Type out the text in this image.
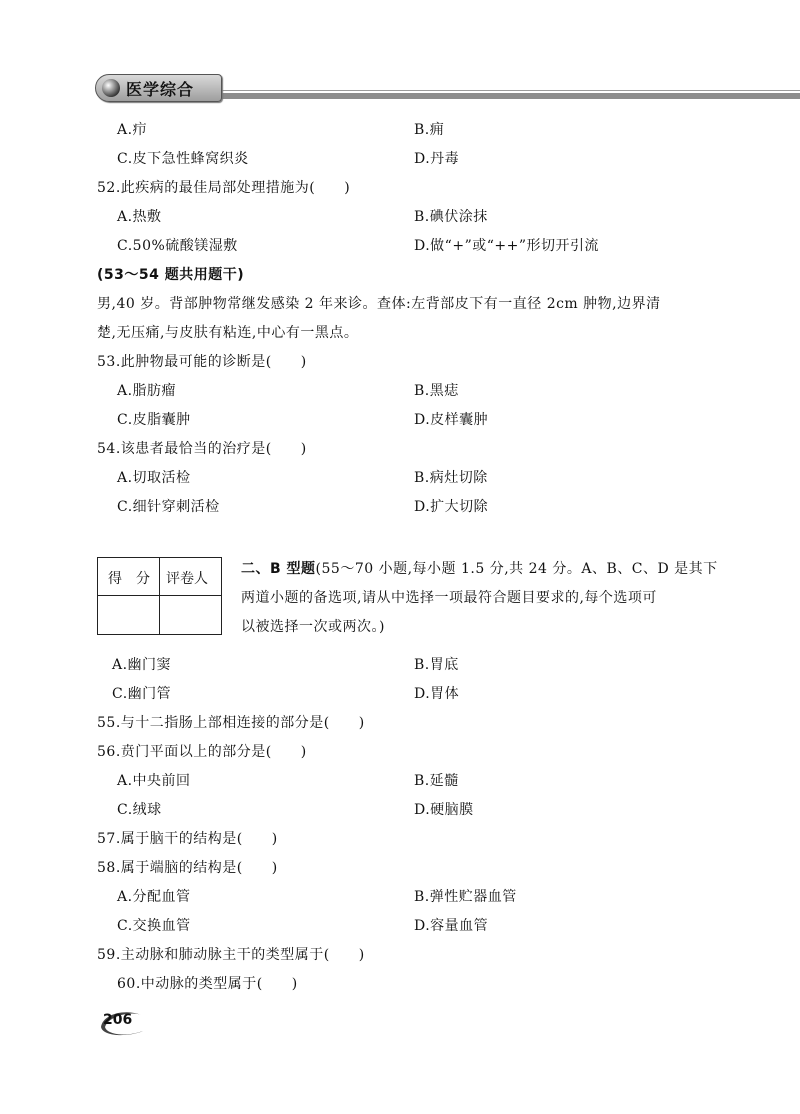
医学综合
A.疖	B.痈
C.皮下急性蜂窝织炎	D.丹毒
52.此疾病的最佳局部处理措施为(　　)
A.热敷	B.碘伏涂抹
C.50%硫酸镁湿敷	D.做“+”或“++”形切开引流
(53～54 题共用题干)
男,40 岁。背部肿物常继发感染 2 年来诊。查体:左背部皮下有一直径 2cm 肿物,边界清
楚,无压痛,与皮肤有粘连,中心有一黑点。
53.此肿物最可能的诊断是(　　)
A.脂肪瘤	B.黑痣
C.皮脂囊肿	D.皮样囊肿
54.该患者最恰当的治疗是(　　)
A.切取活检	B.病灶切除
C.细针穿刺活检	D.扩大切除
得　分 评卷人
二、B 型题(55～70 小题,每小题 1.5 分,共 24 分。A、B、C、D 是其下
两道小题的备选项,请从中选择一项最符合题目要求的,每个选项可
以被选择一次或两次。)
A.幽门窦	B.胃底
C.幽门管	D.胃体
55.与十二指肠上部相连接的部分是(　　)
56.贲门平面以上的部分是(　　)
A.中央前回	B.延髓
C.绒球	D.硬脑膜
57.属于脑干的结构是(　　)
58.属于端脑的结构是(　　)
A.分配血管	B.弹性贮器血管
C.交换血管	D.容量血管
59.主动脉和肺动脉主干的类型属于(　　)
60.中动脉的类型属于(　　)
206
